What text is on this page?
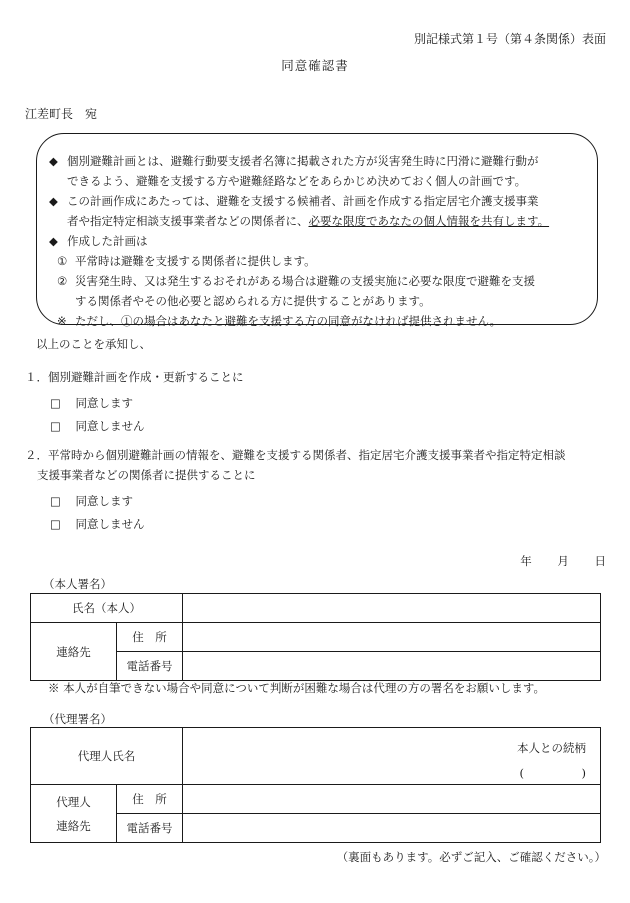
別記様式第１号（第４条関係）表面
同意確認書
江差町長　宛
◆ 個別避難計画とは、避難行動要支援者名簿に掲載された方が災害発生時に円滑に避難行動が
できるよう、避難を支援する方や避難経路などをあらかじめ決めておく個人の計画です。
◆ この計画作成にあたっては、避難を支援する候補者、計画を作成する指定居宅介護支援事業
者や指定特定相談支援事業者などの関係者に、必要な限度であなたの個人情報を共有します。
◆ 作成した計画は
① 平常時は避難を支援する関係者に提供します。
② 災害発生時、又は発生するおそれがある場合は避難の支援実施に必要な限度で避難を支援
する関係者やその他必要と認められる方に提供することがあります。
※ ただし、①の場合はあなたと避難を支援する方の同意がなければ提供されません。
以上のことを承知し、
１．個別避難計画を作成・更新することに
□　 同意します
□　 同意しません
２．平常時から個別避難計画の情報を、避難を支援する関係者、指定居宅介護支援事業者や指定特定相談
支援事業者などの関係者に提供することに
□　 同意します
□　 同意しません
年 月 日
（本人署名）
氏名（本人）		
連絡先	住　所	
	電話番号	
※ 本人が自筆できない場合や同意について判断が困難な場合は代理の方の署名をお願いします。
（代理署名）
代理人氏名		本人との続柄
(　　　　　)

代理人
連絡先	住　所	
	電話番号	
（裏面もあります。必ずご記入、ご確認ください。）
